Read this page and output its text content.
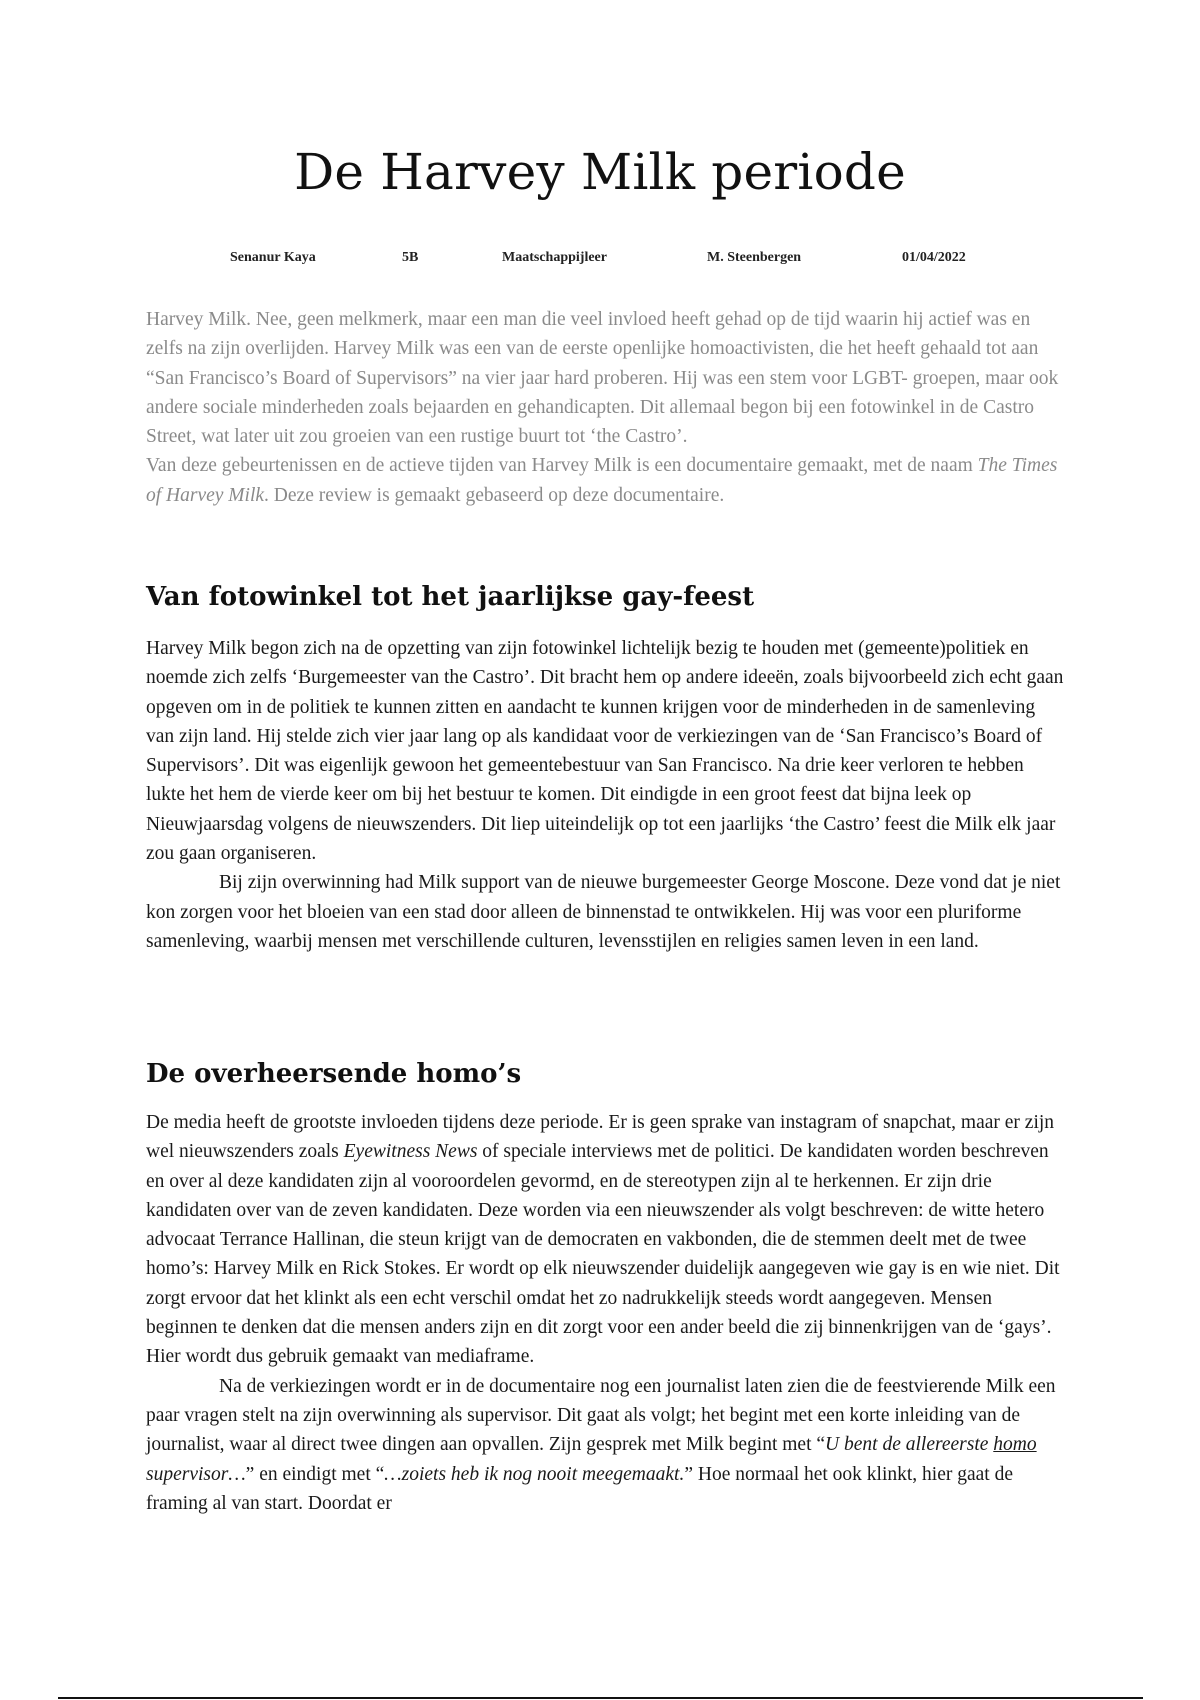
De Harvey Milk periode
Senanur Kaya	5B	Maatschappijleer	M. Steenbergen	01/04/2022

Harvey Milk. Nee, geen melkmerk, maar een man die veel invloed heeft gehad op de tijd waarin hij actief was en zelfs na zijn overlijden. Harvey Milk was een van de eerste openlijke homoactivisten, die het heeft gehaald tot aan “San Francisco’s Board of Supervisors” na vier jaar hard proberen. Hij was een stem voor LGBT- groepen, maar ook andere sociale minderheden zoals bejaarden en gehandicapten. Dit allemaal begon bij een fotowinkel in de Castro Street, wat later uit zou groeien van een rustige buurt tot ‘the Castro’.

Van deze gebeurtenissen en de actieve tijden van Harvey Milk is een documentaire gemaakt, met de naam The Times of Harvey Milk. Deze review is gemaakt gebaseerd op deze documentaire.

Van fotowinkel tot het jaarlijkse gay-feest

Harvey Milk begon zich na de opzetting van zijn fotowinkel lichtelijk bezig te houden met (gemeente)politiek en noemde zich zelfs ‘Burgemeester van the Castro’. Dit bracht hem op andere ideeën, zoals bijvoorbeeld zich echt gaan opgeven om in de politiek te kunnen zitten en aandacht te kunnen krijgen voor de minderheden in de samenleving van zijn land. Hij stelde zich vier jaar lang op als kandidaat voor de verkiezingen van de ‘San Francisco’s Board of Supervisors’. Dit was eigenlijk gewoon het gemeentebestuur van San Francisco. Na drie keer verloren te hebben lukte het hem de vierde keer om bij het bestuur te komen. Dit eindigde in een groot feest dat bijna leek op Nieuwjaarsdag volgens de nieuwszenders. Dit liep uiteindelijk op tot een jaarlijks ‘the Castro’ feest die Milk elk jaar zou gaan organiseren.

Bij zijn overwinning had Milk support van de nieuwe burgemeester George Moscone. Deze vond dat je niet kon zorgen voor het bloeien van een stad door alleen de binnenstad te ontwikkelen. Hij was voor een pluriforme samenleving, waarbij mensen met verschillende culturen, levensstijlen en religies samen leven in een land.

De overheersende homo’s

De media heeft de grootste invloeden tijdens deze periode. Er is geen sprake van instagram of snapchat, maar er zijn wel nieuwszenders zoals Eyewitness News of speciale interviews met de politici. De kandidaten worden beschreven en over al deze kandidaten zijn al vooroordelen gevormd, en de stereotypen zijn al te herkennen. Er zijn drie kandidaten over van de zeven kandidaten. Deze worden via een nieuwszender als volgt beschreven: de witte hetero advocaat Terrance Hallinan, die steun krijgt van de democraten en vakbonden, die de stemmen deelt met de twee homo’s: Harvey Milk en Rick Stokes. Er wordt op elk nieuwszender duidelijk aangegeven wie gay is en wie niet. Dit zorgt ervoor dat het klinkt als een echt verschil omdat het zo nadrukkelijk steeds wordt aangegeven. Mensen beginnen te denken dat die mensen anders zijn en dit zorgt voor een ander beeld die zij binnenkrijgen van de ‘gays’. Hier wordt dus gebruik gemaakt van mediaframe.

Na de verkiezingen wordt er in de documentaire nog een journalist laten zien die de feestvierende Milk een paar vragen stelt na zijn overwinning als supervisor. Dit gaat als volgt; het begint met een korte inleiding van de journalist, waar al direct twee dingen aan opvallen. Zijn gesprek met Milk begint met “U bent de allereerste homo supervisor…” en eindigt met “…zoiets heb ik nog nooit meegemaakt.” Hoe normaal het ook klinkt, hier gaat de framing al van start. Doordat er
